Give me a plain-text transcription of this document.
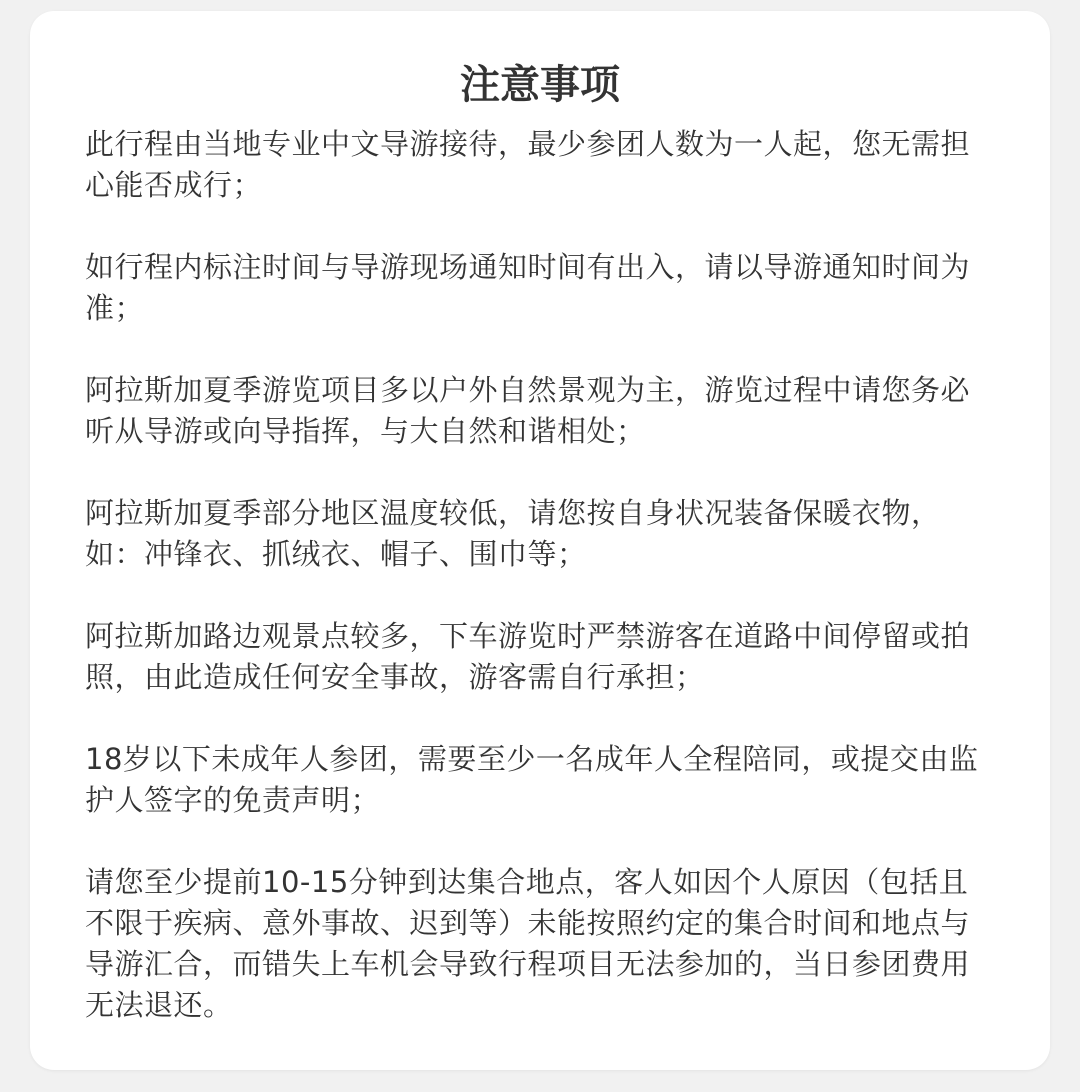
注意事项
此行程由当地专业中文导游接待，最少参团人数为一人起，您无需担心能否成行；
如行程内标注时间与导游现场通知时间有出入，请以导游通知时间为准；
阿拉斯加夏季游览项目多以户外自然景观为主，游览过程中请您务必听从导游或向导指挥，与大自然和谐相处；
阿拉斯加夏季部分地区温度较低，请您按自身状况装备保暖衣物，如：冲锋衣、抓绒衣、帽子、围巾等；
阿拉斯加路边观景点较多，下车游览时严禁游客在道路中间停留或拍照，由此造成任何安全事故，游客需自行承担；
18岁以下未成年人参团，需要至少一名成年人全程陪同，或提交由监护人签字的免责声明；
请您至少提前10-15分钟到达集合地点，客人如因个人原因（包括且不限于疾病、意外事故、迟到等）未能按照约定的集合时间和地点与导游汇合，而错失上车机会导致行程项目无法参加的，当日参团费用无法退还。
